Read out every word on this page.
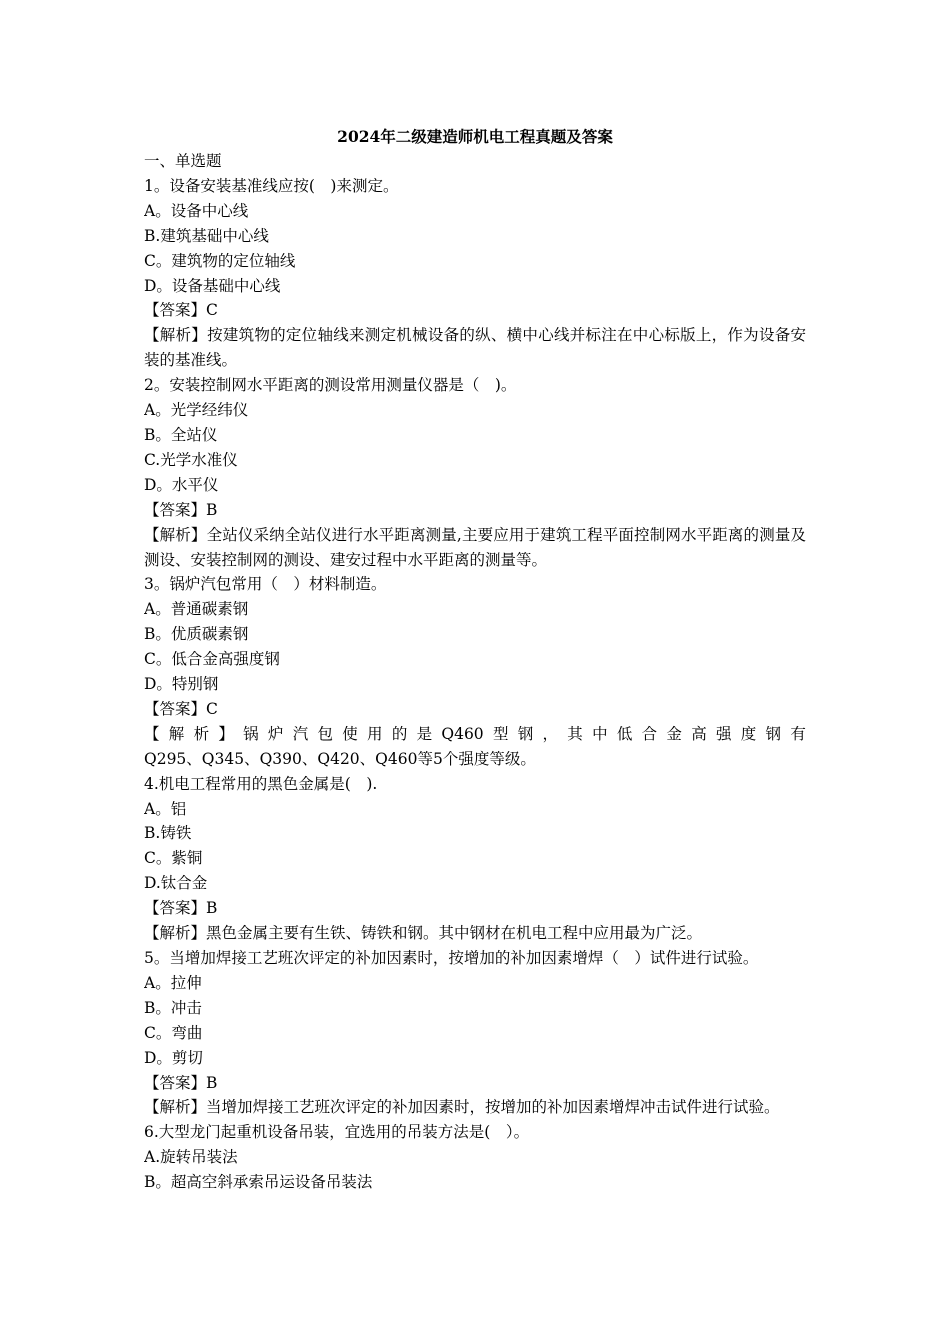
2024年二级建造师机电工程真题及答案
一、单选题
1。设备安装基准线应按(　)来测定。
A。设备中心线
B.建筑基础中心线
C。建筑物的定位轴线
D。设备基础中心线
【答案】C
【解析】按建筑物的定位轴线来测定机械设备的纵、横中心线并标注在中心标版上，作为设备安装的基准线。
2。安装控制网水平距离的测设常用测量仪器是（　)。
A。光学经纬仪
B。全站仪
C.光学水准仪
D。水平仪
【答案】B
【解析】全站仪采纳全站仪进行水平距离测量,主要应用于建筑工程平面控制网水平距离的测量及测设、安装控制网的测设、建安过程中水平距离的测量等。
3。锅炉汽包常用（　）材料制造。
A。普通碳素钢
B。优质碳素钢
C。低合金高强度钢
D。特别钢
【答案】C
【 解 析 】 锅 炉 汽 包 使 用 的 是 Q460 型 钢 ， 其 中 低 合 金 高 强 度 钢 有
Q295、Q345、Q390、Q420、Q460等5个强度等级。
4.机电工程常用的黑色金属是(　).
A。铝
B.铸铁
C。紫铜
D.钛合金
【答案】B
【解析】黑色金属主要有生铁、铸铁和钢。其中钢材在机电工程中应用最为广泛。
5。当增加焊接工艺班次评定的补加因素时，按增加的补加因素增焊（　）试件进行试验。
A。拉伸
B。冲击
C。弯曲
D。剪切
【答案】B
【解析】当增加焊接工艺班次评定的补加因素时，按增加的补加因素增焊冲击试件进行试验。
6.大型龙门起重机设备吊装，宜选用的吊装方法是(　）。
A.旋转吊装法
B。超高空斜承索吊运设备吊装法
